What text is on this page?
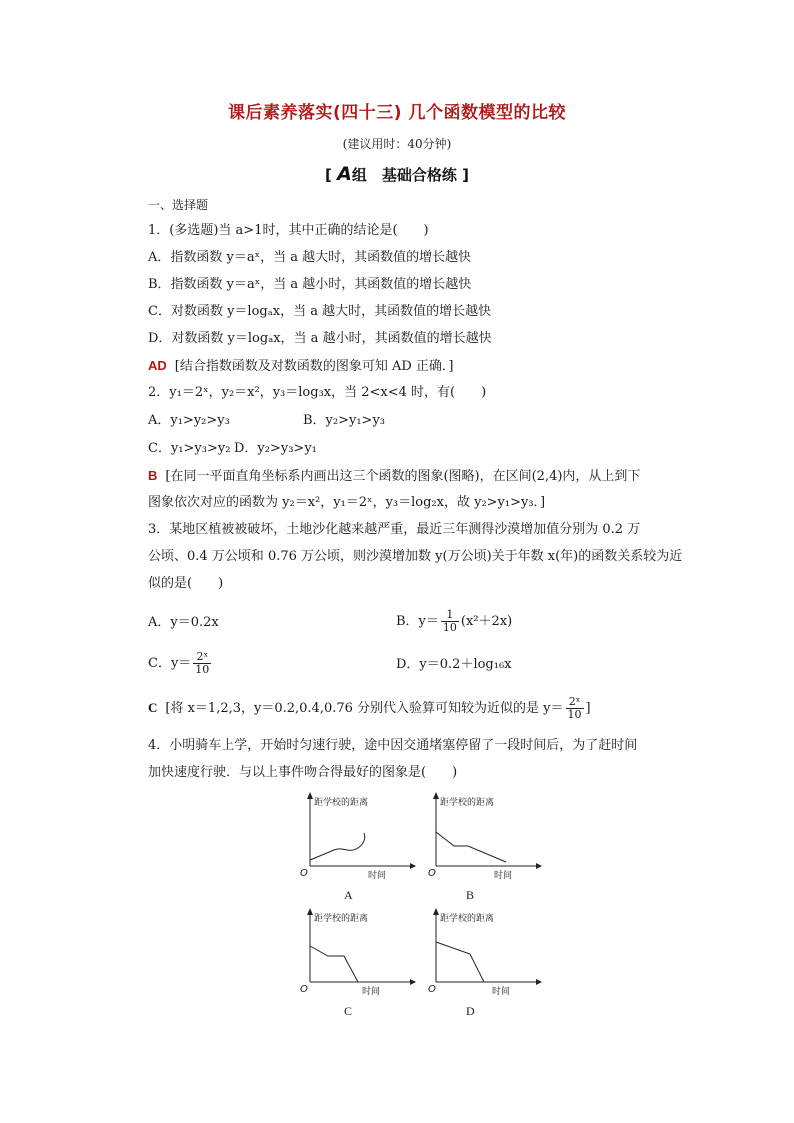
课后素养落实(四十三) 几个函数模型的比较
(建议用时：40分钟)
[ A组　基础合格练 ]
一、选择题
1．(多选题)当 a>1时，其中正确的结论是(　　)
A．指数函数 y＝aˣ，当 a 越大时，其函数值的增长越快
B．指数函数 y＝aˣ，当 a 越小时，其函数值的增长越快
C．对数函数 y＝logₐx，当 a 越大时，其函数值的增长越快
D．对数函数 y＝logₐx，当 a 越小时，其函数值的增长越快
AD [结合指数函数及对数函数的图象可知 AD 正确．]
2．y₁＝2ˣ，y₂＝x²，y₃＝log₃x，当 2<x<4 时，有(　　)
A．y₁>y₂>y₃	B．y₂>y₁>y₃
C．y₁>y₃>y₂ D．y₂>y₃>y₁
B [在同一平面直角坐标系内画出这三个函数的图象(图略)，在区间(2,4)内，从上到下
图象依次对应的函数为 y₂＝x²，y₁＝2ˣ，y₃＝log₂x，故 y₂>y₁>y₃．]
3．某地区植被被破坏，土地沙化越来越严重，最近三年测得沙漠增加值分别为 0.2 万
公顷、0.4 万公顷和 0.76 万公顷，则沙漠增加数 y(万公顷)关于年数 x(年)的函数关系较为近
似的是(　　)
A．y＝0.2x	B．$y= \frac{1}{10} (x^2+2x)$
C．$y= \frac{\text{2ˣ}}{10}$	D．y＝0.2＋log₁₆x
C [将 x＝1,2,3，y＝0.2,0.4,0.76 分别代入验算可知较为近似的是 $y= \frac{\text{2ˣ}}{10}$ ]
4．小明骑车上学，开始时匀速行驶，途中因交通堵塞停留了一段时间后，为了赶时间
加快速度行驶．与以上事件吻合得最好的图象是(　　)
距学校的距离
O	时间
A
距学校的距离
O	时间
B
距学校的距离
O	时间
C
距学校的距离
O	时间
D
